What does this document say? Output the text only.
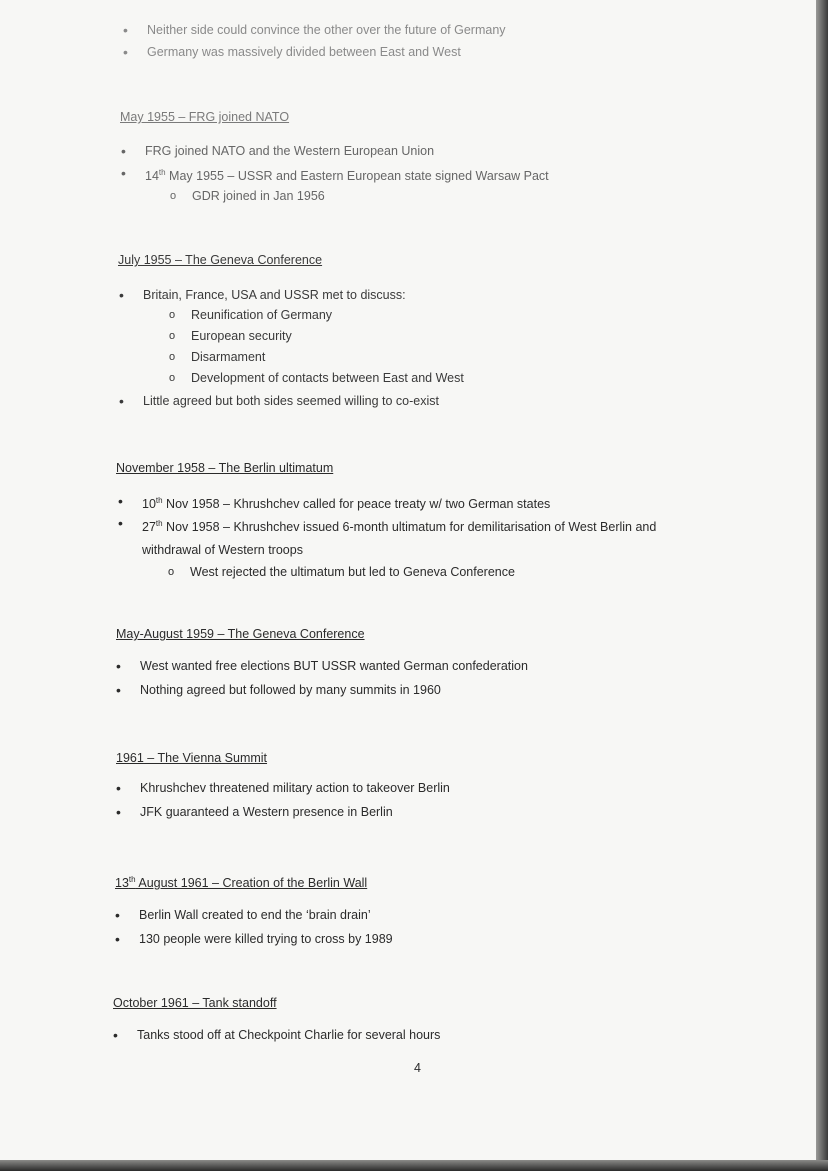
• Neither side could convince the other over the future of Germany
• Germany was massively divided between East and West
May 1955 – FRG joined NATO
• FRG joined NATO and the Western European Union
• 14th May 1955 – USSR and Eastern European state signed Warsaw Pact
o GDR joined in Jan 1956
July 1955 – The Geneva Conference
• Britain, France, USA and USSR met to discuss:
o Reunification of Germany
o European security
o Disarmament
o Development of contacts between East and West
• Little agreed but both sides seemed willing to co-exist
November 1958 – The Berlin ultimatum
• 10th Nov 1958 – Khrushchev called for peace treaty w/ two German states
• 27th Nov 1958 – Khrushchev issued 6-month ultimatum for demilitarisation of West Berlin and withdrawal of Western troops
o West rejected the ultimatum but led to Geneva Conference
May-August 1959 – The Geneva Conference
• West wanted free elections BUT USSR wanted German confederation
• Nothing agreed but followed by many summits in 1960
1961 – The Vienna Summit
• Khrushchev threatened military action to takeover Berlin
• JFK guaranteed a Western presence in Berlin
13th August 1961 – Creation of the Berlin Wall
• Berlin Wall created to end the ‘brain drain’
• 130 people were killed trying to cross by 1989
October 1961 – Tank standoff
• Tanks stood off at Checkpoint Charlie for several hours
4
